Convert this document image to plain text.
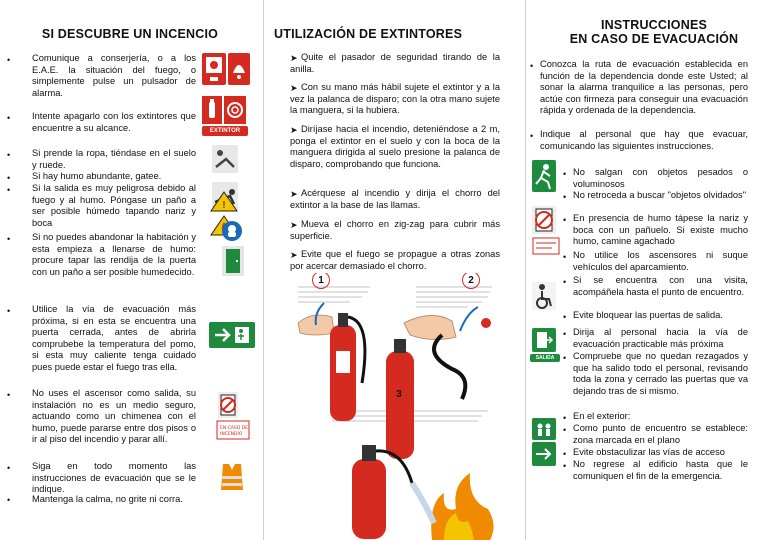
SI DESCUBRE UN INCENCIO
• Comunique a conserjería, o a los E.A.E. la situación del fuego, o simplemente pulse un pulsador de alarma.

• Intente apagarlo con los extintores que encuentre a su alcance.

• Si prende la ropa, tiéndase en el suelo y ruede.

• Si hay humo abundante, gatee.

• Si la salida es muy peligrosa debido al fuego y al humo. Póngase un paño a ser posible húmedo tapando nariz y boca

• Si no puedes abandonar la habitación y esta empieza a llenarse de humo: procure tapar las rendija de la puerta con un paño a ser posible humedecido.

• Utilice la vía de evacuación más próxima, si en esta se encuentra una puerta cerrada, antes de abrirla comprubebe la temperatura del pomo, si esta muy caliente tenga cuidado pues puede estar el fuego tras ella.

• No uses el ascensor como salida, su instalación no es un medio seguro, actuando como un chimenea con el humo, puede pararse entre dos pisos o ir al piso del incendio y parar allí.

• Siga en todo momento las instrucciones de evacuación que se le indique.

• Mantenga la calma, no grite ni corra.

EXTINTOR
!
EN CASO DE
INCENDIO
UTILIZACIÓN DE EXTINTORES
➤ Quite el pasador de seguridad tirando de la anilla.

➤ Con su mano más hábil sujete el extintor y a la vez la palanca de disparo; con la otra mano sujete la manguera, si la hubiera.

➤ Diríjase hacia el incendio, deteniéndose a 2 m, ponga el extintor en el suelo y con la boca de la manguera dirigida al suelo presione la palanca de disparo, comprobando que funciona.

➤ Acérquese al incendio y dirija el chorro del extintor a la base de las llamas.

➤ Mueva el chorro en zig-zag para cubrir más superficie.

➤ Evite que el fuego se propague a otras zonas por acercar demasiado el chorro.

1	2
3
INSTRUCCIONES
EN CASO DE EVACUACIÓN
• Conozca la ruta de evacuación establecida en función de la dependencia donde este Usted; al sonar la alarma tranquilice a las personas, pero actúe con firmeza para conseguir una evacuación rápida y ordenada de la dependencia.

• Indique al personal que hay que evacuar, comunicando las siguientes instrucciones.

• No salgan con objetos pesados o voluminosos

• No retroceda a buscar "objetos olvidados"

• En presencia de humo tápese la nariz y boca con un pañuelo. Si existe mucho humo, camine agachado

• No utilice los ascensores ni suque vehículos del aparcamiento.

• Si se encuentra con una visita, acompáñela hasta el punto de encuentro.

• Evite bloquear las puertas de salida.

• Dirija al personal hacia la vía de evacuación practicable más próxima

• Compruebe que no quedan rezagados y que ha salido todo el personal, revisando toda la zona y cerrado las puertas que va dejando tras de si mismo.

• En el exterior:

• Como punto de encuentro se establece: zona marcada en el plano

• Evite obstaculizar las vías de acceso

• No regrese al edificio hasta que le comuniquen el fin de la emergencia.

SALIDA
